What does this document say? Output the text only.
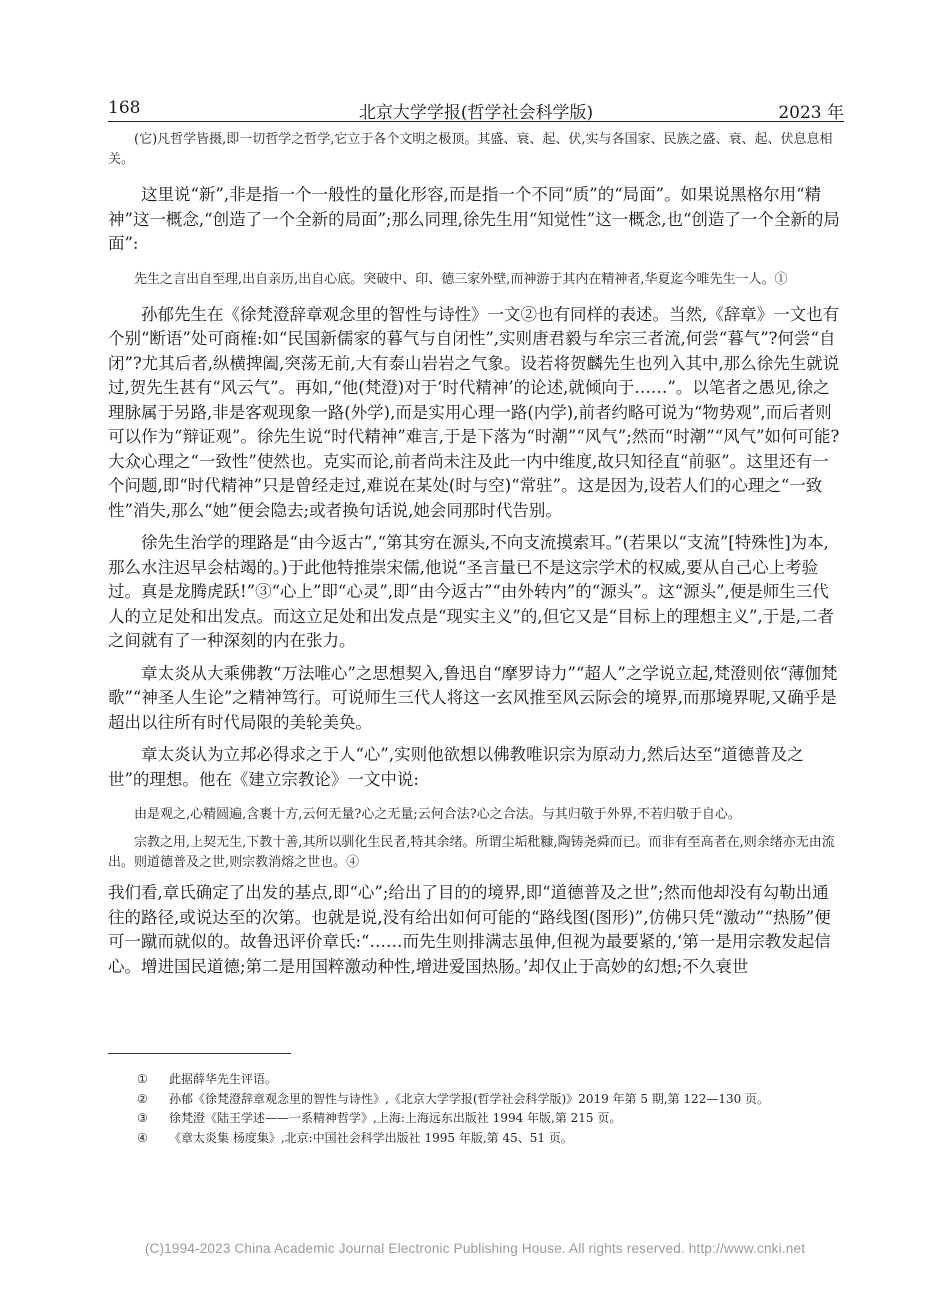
168	北京大学学报(哲学社会科学版)	2023 年

(它)凡哲学皆摄,即一切哲学之哲学,它立于各个文明之极顶。其盛、衰、起、伏,实与各国家、民族之盛、衰、起、伏息息相关。

这里说“新”,非是指一个一般性的量化形容,而是指一个不同“质”的“局面”。如果说黑格尔用“精神”这一概念,“创造了一个全新的局面”;那么同理,徐先生用“知觉性”这一概念,也“创造了一个全新的局面”:

先生之言出自至理,出自亲历,出自心底。突破中、印、德三家外壁,而神游于其内在精神者,华夏迄今唯先生一人。①

孙郁先生在《徐梵澄辞章观念里的智性与诗性》一文②也有同样的表述。当然,《辞章》一文也有个别“断语”处可商榷:如“民国新儒家的暮气与自闭性”,实则唐君毅与牟宗三者流,何尝“暮气”?何尝“自闭”?尤其后者,纵横捭阖,突荡无前,大有泰山岩岩之气象。设若将贺麟先生也列入其中,那么徐先生就说过,贺先生甚有“风云气”。再如,“他(梵澄)对于‘时代精神’的论述,就倾向于……”。以笔者之愚见,徐之理脉属于另路,非是客观现象一路(外学),而是实用心理一路(内学),前者约略可说为“物势观”,而后者则可以作为“辩证观”。徐先生说“时代精神”难言,于是下落为“时潮”“风气”;然而“时潮”“风气”如何可能?大众心理之“一致性”使然也。克实而论,前者尚未注及此一内中维度,故只知径直“前驱”。这里还有一个问题,即“时代精神”只是曾经走过,难说在某处(时与空)“常驻”。这是因为,设若人们的心理之“一致性”消失,那么“她”便会隐去;或者换句话说,她会同那时代告别。

徐先生治学的理路是“由今返古”,“第其穷在源头,不向支流摸索耳。”(若果以“支流”[特殊性]为本,那么水注迟早会枯竭的。)于此他特推崇宋儒,他说“圣言量已不是这宗学术的权威,要从自己心上考验过。真是龙腾虎跃!”③“心上”即“心灵”,即“由今返古”“由外转内”的“源头”。这“源头”,便是师生三代人的立足处和出发点。而这立足处和出发点是“现实主义”的,但它又是“目标上的理想主义”,于是,二者之间就有了一种深刻的内在张力。

章太炎从大乘佛教“万法唯心”之思想契入,鲁迅自“摩罗诗力”“超人”之学说立起,梵澄则依“薄伽梵歌”“神圣人生论”之精神笃行。可说师生三代人将这一玄风推至风云际会的境界,而那境界呢,又确乎是超出以往所有时代局限的美轮美奂。

章太炎认为立邦必得求之于人“心”,实则他欲想以佛教唯识宗为原动力,然后达至“道德普及之世”的理想。他在《建立宗教论》一文中说:

由是观之,心精圆遍,含裹十方,云何无量?心之无量;云何合法?心之合法。与其归敬于外界,不若归敬于自心。

宗教之用,上契无生,下教十善,其所以驯化生民者,特其余绪。所谓尘垢秕糠,陶铸尧舜而已。而非有至高者在,则余绪亦无由流出。则道德普及之世,则宗教消熔之世也。④

我们看,章氏确定了出发的基点,即“心”;给出了目的的境界,即“道德普及之世”;然而他却没有勾勒出通往的路径,或说达至的次第。也就是说,没有给出如何可能的“路线图(图形)”,仿佛只凭“激动”“热肠”便可一蹴而就似的。故鲁迅评价章氏:“……而先生则排满志虽伸,但视为最要紧的,‘第一是用宗教发起信心。增进国民道德;第二是用国粹激动种性,增进爱国热肠。’却仅止于高妙的幻想;不久衰世

①	此据薛华先生评语。
②	孙郁《徐梵澄辞章观念里的智性与诗性》,《北京大学学报(哲学社会科学版)》2019 年第 5 期,第 122—130 页。
③	徐梵澄《陆王学述——一系精神哲学》,上海:上海远东出版社 1994 年版,第 215 页。
④	《章太炎集 杨度集》,北京:中国社会科学出版社 1995 年版,第 45、51 页。
(C)1994-2023 China Academic Journal Electronic Publishing House. All rights reserved. http://www.cnki.net
